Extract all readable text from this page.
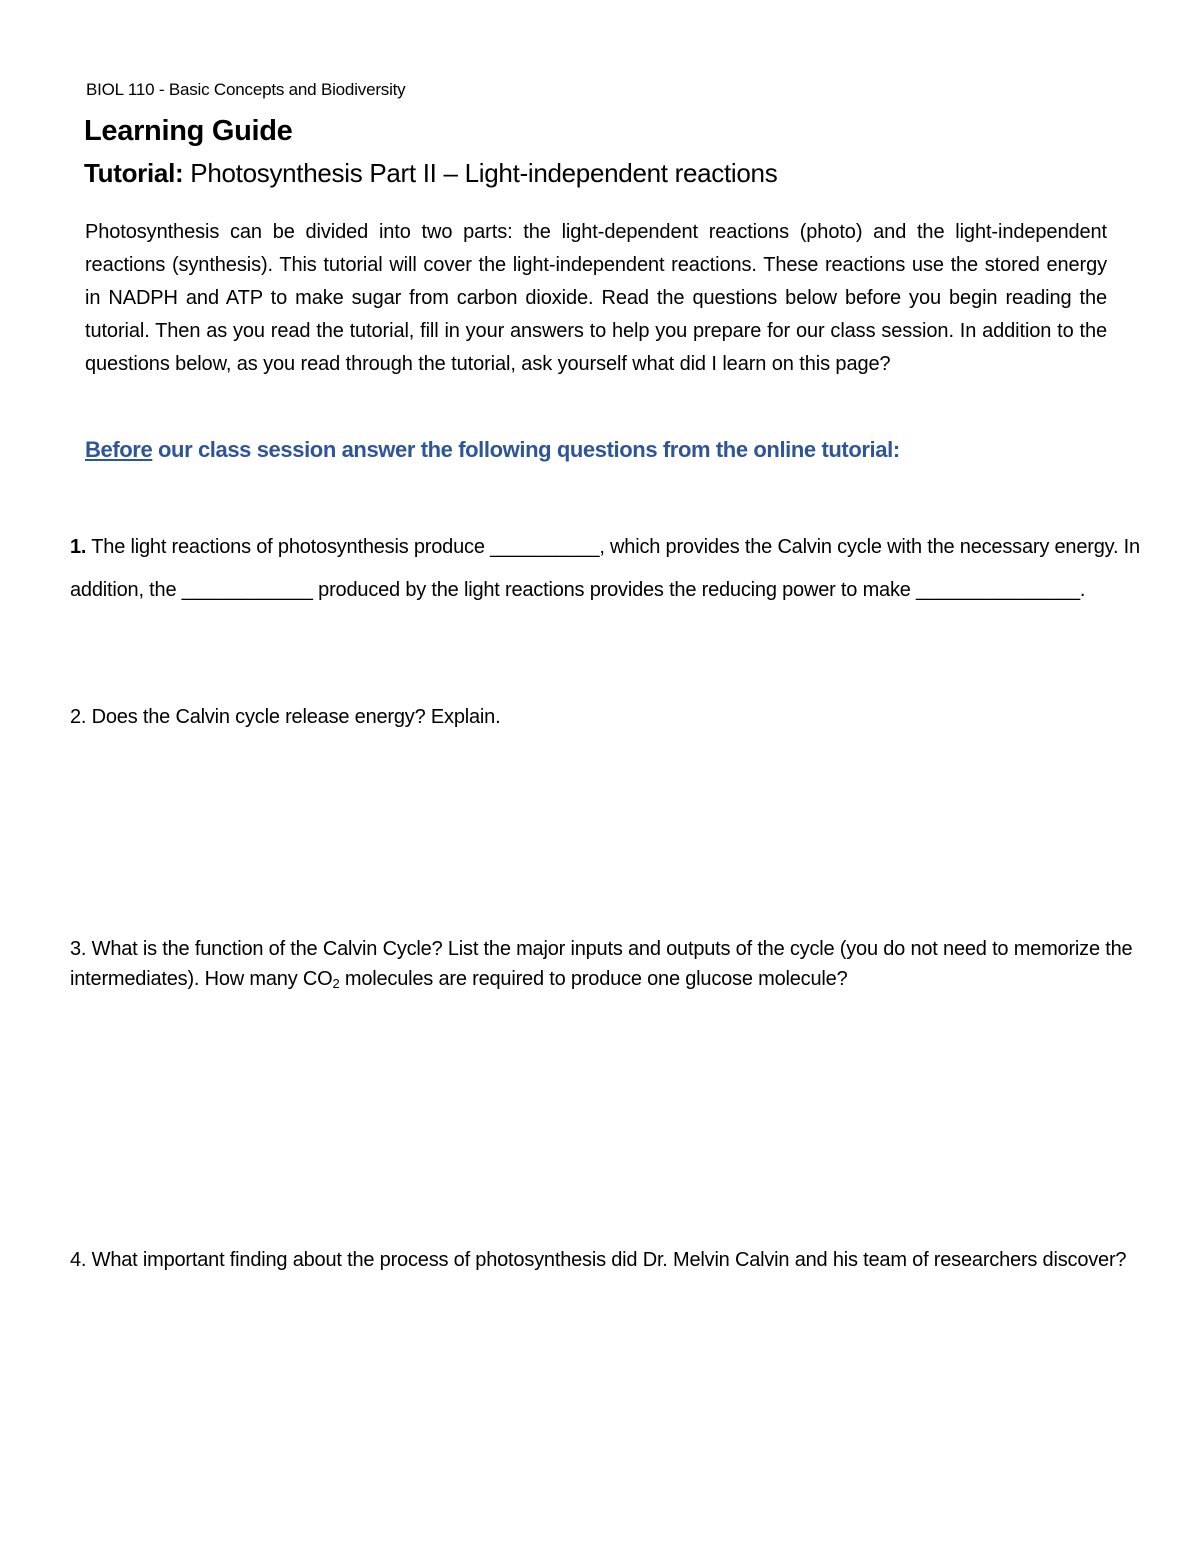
BIOL 110 - Basic Concepts and Biodiversity
Learning Guide
Tutorial: Photosynthesis Part II – Light-independent reactions
Photosynthesis can be divided into two parts: the light-dependent reactions (photo) and the light-independent reactions (synthesis). This tutorial will cover the light-independent reactions. These reactions use the stored energy in NADPH and ATP to make sugar from carbon dioxide. Read the questions below before you begin reading the tutorial. Then as you read the tutorial, fill in your answers to help you prepare for our class session. In addition to the questions below, as you read through the tutorial, ask yourself what did I learn on this page?
Before our class session answer the following questions from the online tutorial:
1. The light reactions of photosynthesis produce __________, which provides the Calvin cycle with the necessary energy. In addition, the ____________ produced by the light reactions provides the reducing power to make _______________.
2. Does the Calvin cycle release energy? Explain.
3. What is the function of the Calvin Cycle? List the major inputs and outputs of the cycle (you do not need to memorize the intermediates). How many $CO_2$ molecules are required to produce one glucose molecule?
4. What important finding about the process of photosynthesis did Dr. Melvin Calvin and his team of researchers discover?
